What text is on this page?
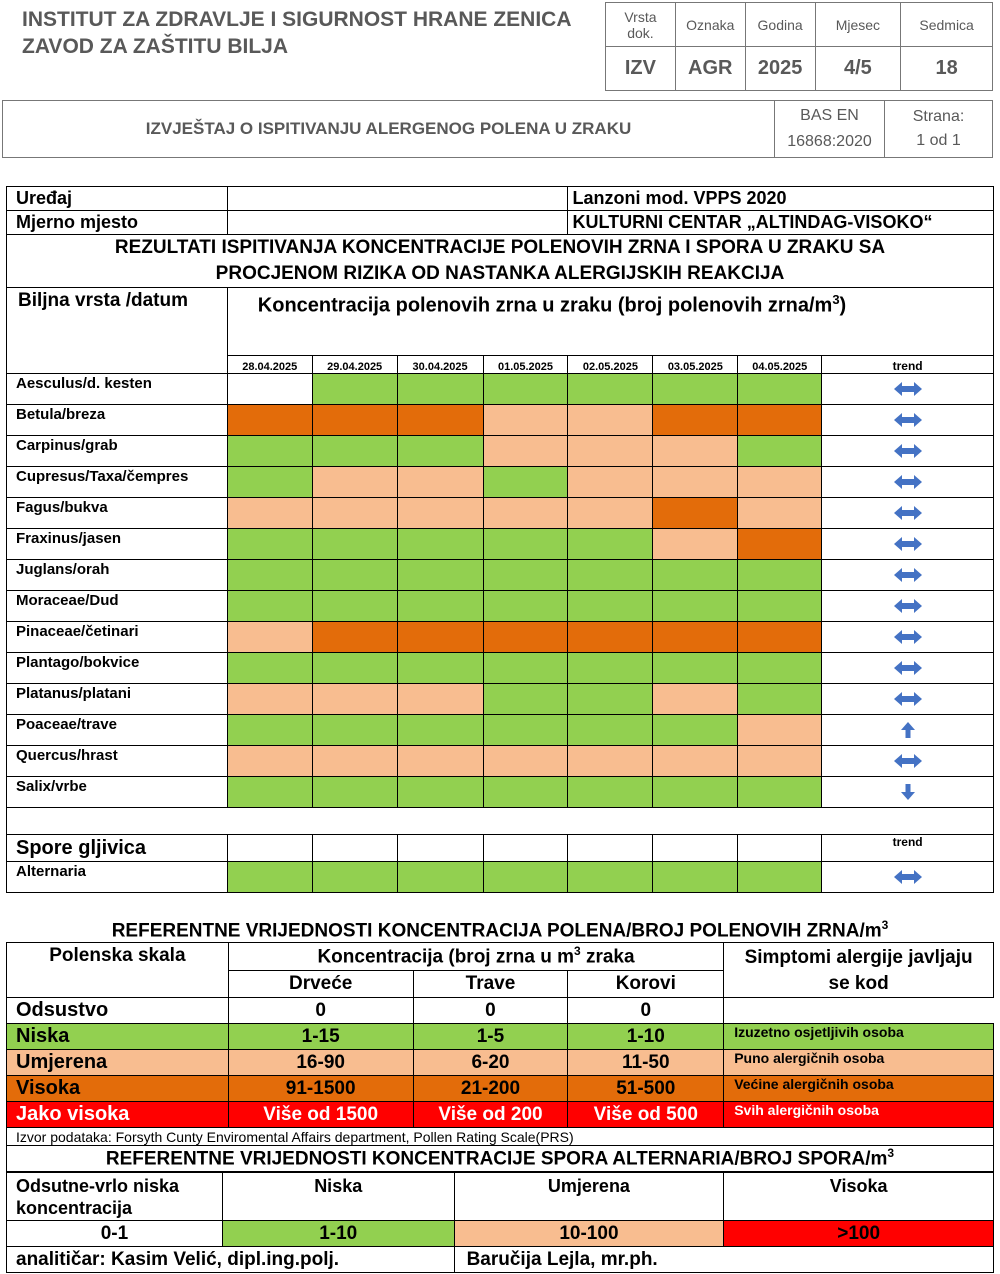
INSTITUT ZA ZDRAVLJE I SIGURNOST HRANE ZENICA
ZAVOD ZA ZAŠTITU BILJA
Vrsta dok.	Oznaka	Godina	Mjesec	Sedmica
IZV	AGR	2025	4/5	18
IZVJEŠTAJ O ISPITIVANJU ALERGENOG POLENA U ZRAKU	
BAS EN
16868:2020

Strana:
1 od 1
Uređaj					Lanzoni mod. VPPS 2020			
Mjerno mjesto					KULTURNI CENTAR „ALTINDAG-VISOKO“			

REZULTATI ISPITIVANJA KONCENTRACIJE POLENOVIH ZRNA I SPORA U ZRAKU SA
PROCJENOM RIZIKA OD NASTANKA ALERGIJSKIH REAKCIJA								

Biljna vrsta /datum	Koncentracija polenovih zrna u zraku (broj polenovih zrna/$m^3$)							
	28.04.2025	29.04.2025	30.04.2025	01.05.2025	02.05.2025	03.05.2025	04.05.2025	trend
Aesculus/d. kesten								
Betula/breza								
Carpinus/grab								
Cupresus/Taxa/čempres								
Fagus/bukva								
Fraxinus/jasen								
Juglans/orah								
Moraceae/Dud								
Pinaceae/četinari								
Plantago/bokvice								
Platanus/platani								
Poaceae/trave								
Quercus/hrast								
Salix/vrbe								

Spore gljivica								trend
Alternaria								
REFERENTNE VRIJEDNOSTI KONCENTRACIJA POLENA/BROJ POLENOVIH ZRNA/$m^3$
Polenska skala	Koncentracija (broj zrna u $m^3$ zraka			Simptomi alergije javljaju se kod
	Drveće	Trave	Korovi	
Odsustvo	0	0	0	
Niska	1-15	1-5	1-10	Izuzetno osjetljivih osoba
Umjerena	16-90	6-20	11-50	Puno alergičnih osoba
Visoka	91-1500	21-200	51-500	Većine alergičnih osoba
Jako visoka	Više od 1500	Više od 200	Više od 500	Svih alergičnih osoba
Izvor podataka: Forsyth Cunty Enviromental Affairs department, Pollen Rating Scale(PRS)				
REFERENTNE VRIJEDNOSTI KONCENTRACIJE SPORA ALTERNARIA/BROJ SPORA/$m^3$
Odsutne-vrlo niska koncentracija	Niska	Umjerena	Visoka
0-1	1-10	10-100	>100
analitičar: Kasim Velić, dipl.ing.polj.		Baručija Lejla, mr.ph.	
